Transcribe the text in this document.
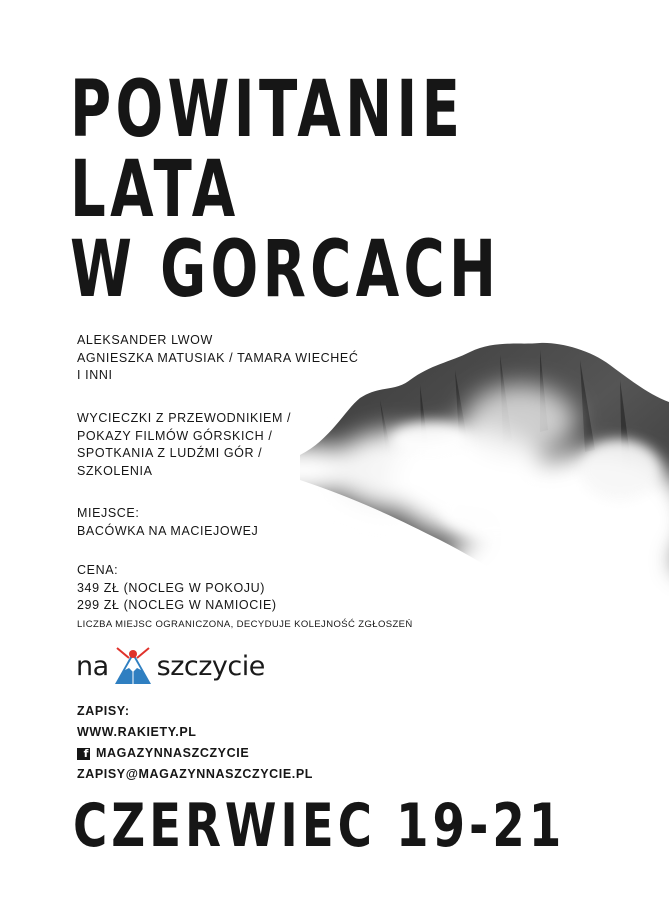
POWITANIE
LATA
W GORCACH
ALEKSANDER LWOW
AGNIESZKA MATUSIAK / TAMARA WIECHEĆ
I INNI
WYCIECZKI Z PRZEWODNIKIEM /
POKAZY FILMÓW GÓRSKICH /
SPOTKANIA Z LUDŹMI GÓR /
SZKOLENIA
MIEJSCE:
BACÓWKA NA MACIEJOWEJ
CENA:
349 ZŁ (NOCLEG W POKOJU)
299 ZŁ (NOCLEG W NAMIOCIE)
LICZBA MIEJSC OGRANICZONA, DECYDUJE KOLEJNOŚĆ ZGŁOSZEŃ
na szczycie
ZAPISY:
WWW.RAKIETY.PL
f MAGAZYNNASZCZYCIE
ZAPISY@MAGAZYNNASZCZYCIE.PL
CZERWIEC 19-21
